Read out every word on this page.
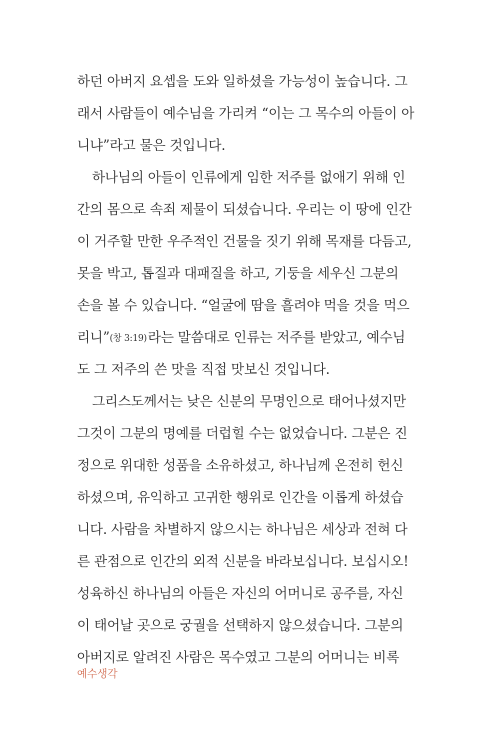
하던 아버지 요셉을 도와 일하셨을 가능성이 높습니다. 그
래서 사람들이 예수님을 가리켜 “이는 그 목수의 아들이 아
니냐”라고 물은 것입니다.
하나님의 아들이 인류에게 임한 저주를 없애기 위해 인
간의 몸으로 속죄 제물이 되셨습니다. 우리는 이 땅에 인간
이 거주할 만한 우주적인 건물을 짓기 위해 목재를 다듬고,
못을 박고, 톱질과 대패질을 하고, 기둥을 세우신 그분의
손을 볼 수 있습니다. “얼굴에 땀을 흘려야 먹을 것을 먹으
리니”(창 3:19)라는 말씀대로 인류는 저주를 받았고, 예수님
도 그 저주의 쓴 맛을 직접 맛보신 것입니다.
그리스도께서는 낮은 신분의 무명인으로 태어나셨지만
그것이 그분의 명예를 더럽힐 수는 없었습니다. 그분은 진
정으로 위대한 성품을 소유하셨고, 하나님께 온전히 헌신
하셨으며, 유익하고 고귀한 행위로 인간을 이롭게 하셨습
니다. 사람을 차별하지 않으시는 하나님은 세상과 전혀 다
른 관점으로 인간의 외적 신분을 바라보십니다. 보십시오!
성육하신 하나님의 아들은 자신의 어머니로 공주를, 자신
이 태어날 곳으로 궁궐을 선택하지 않으셨습니다. 그분의
아버지로 알려진 사람은 목수였고 그분의 어머니는 비록
예수생각
